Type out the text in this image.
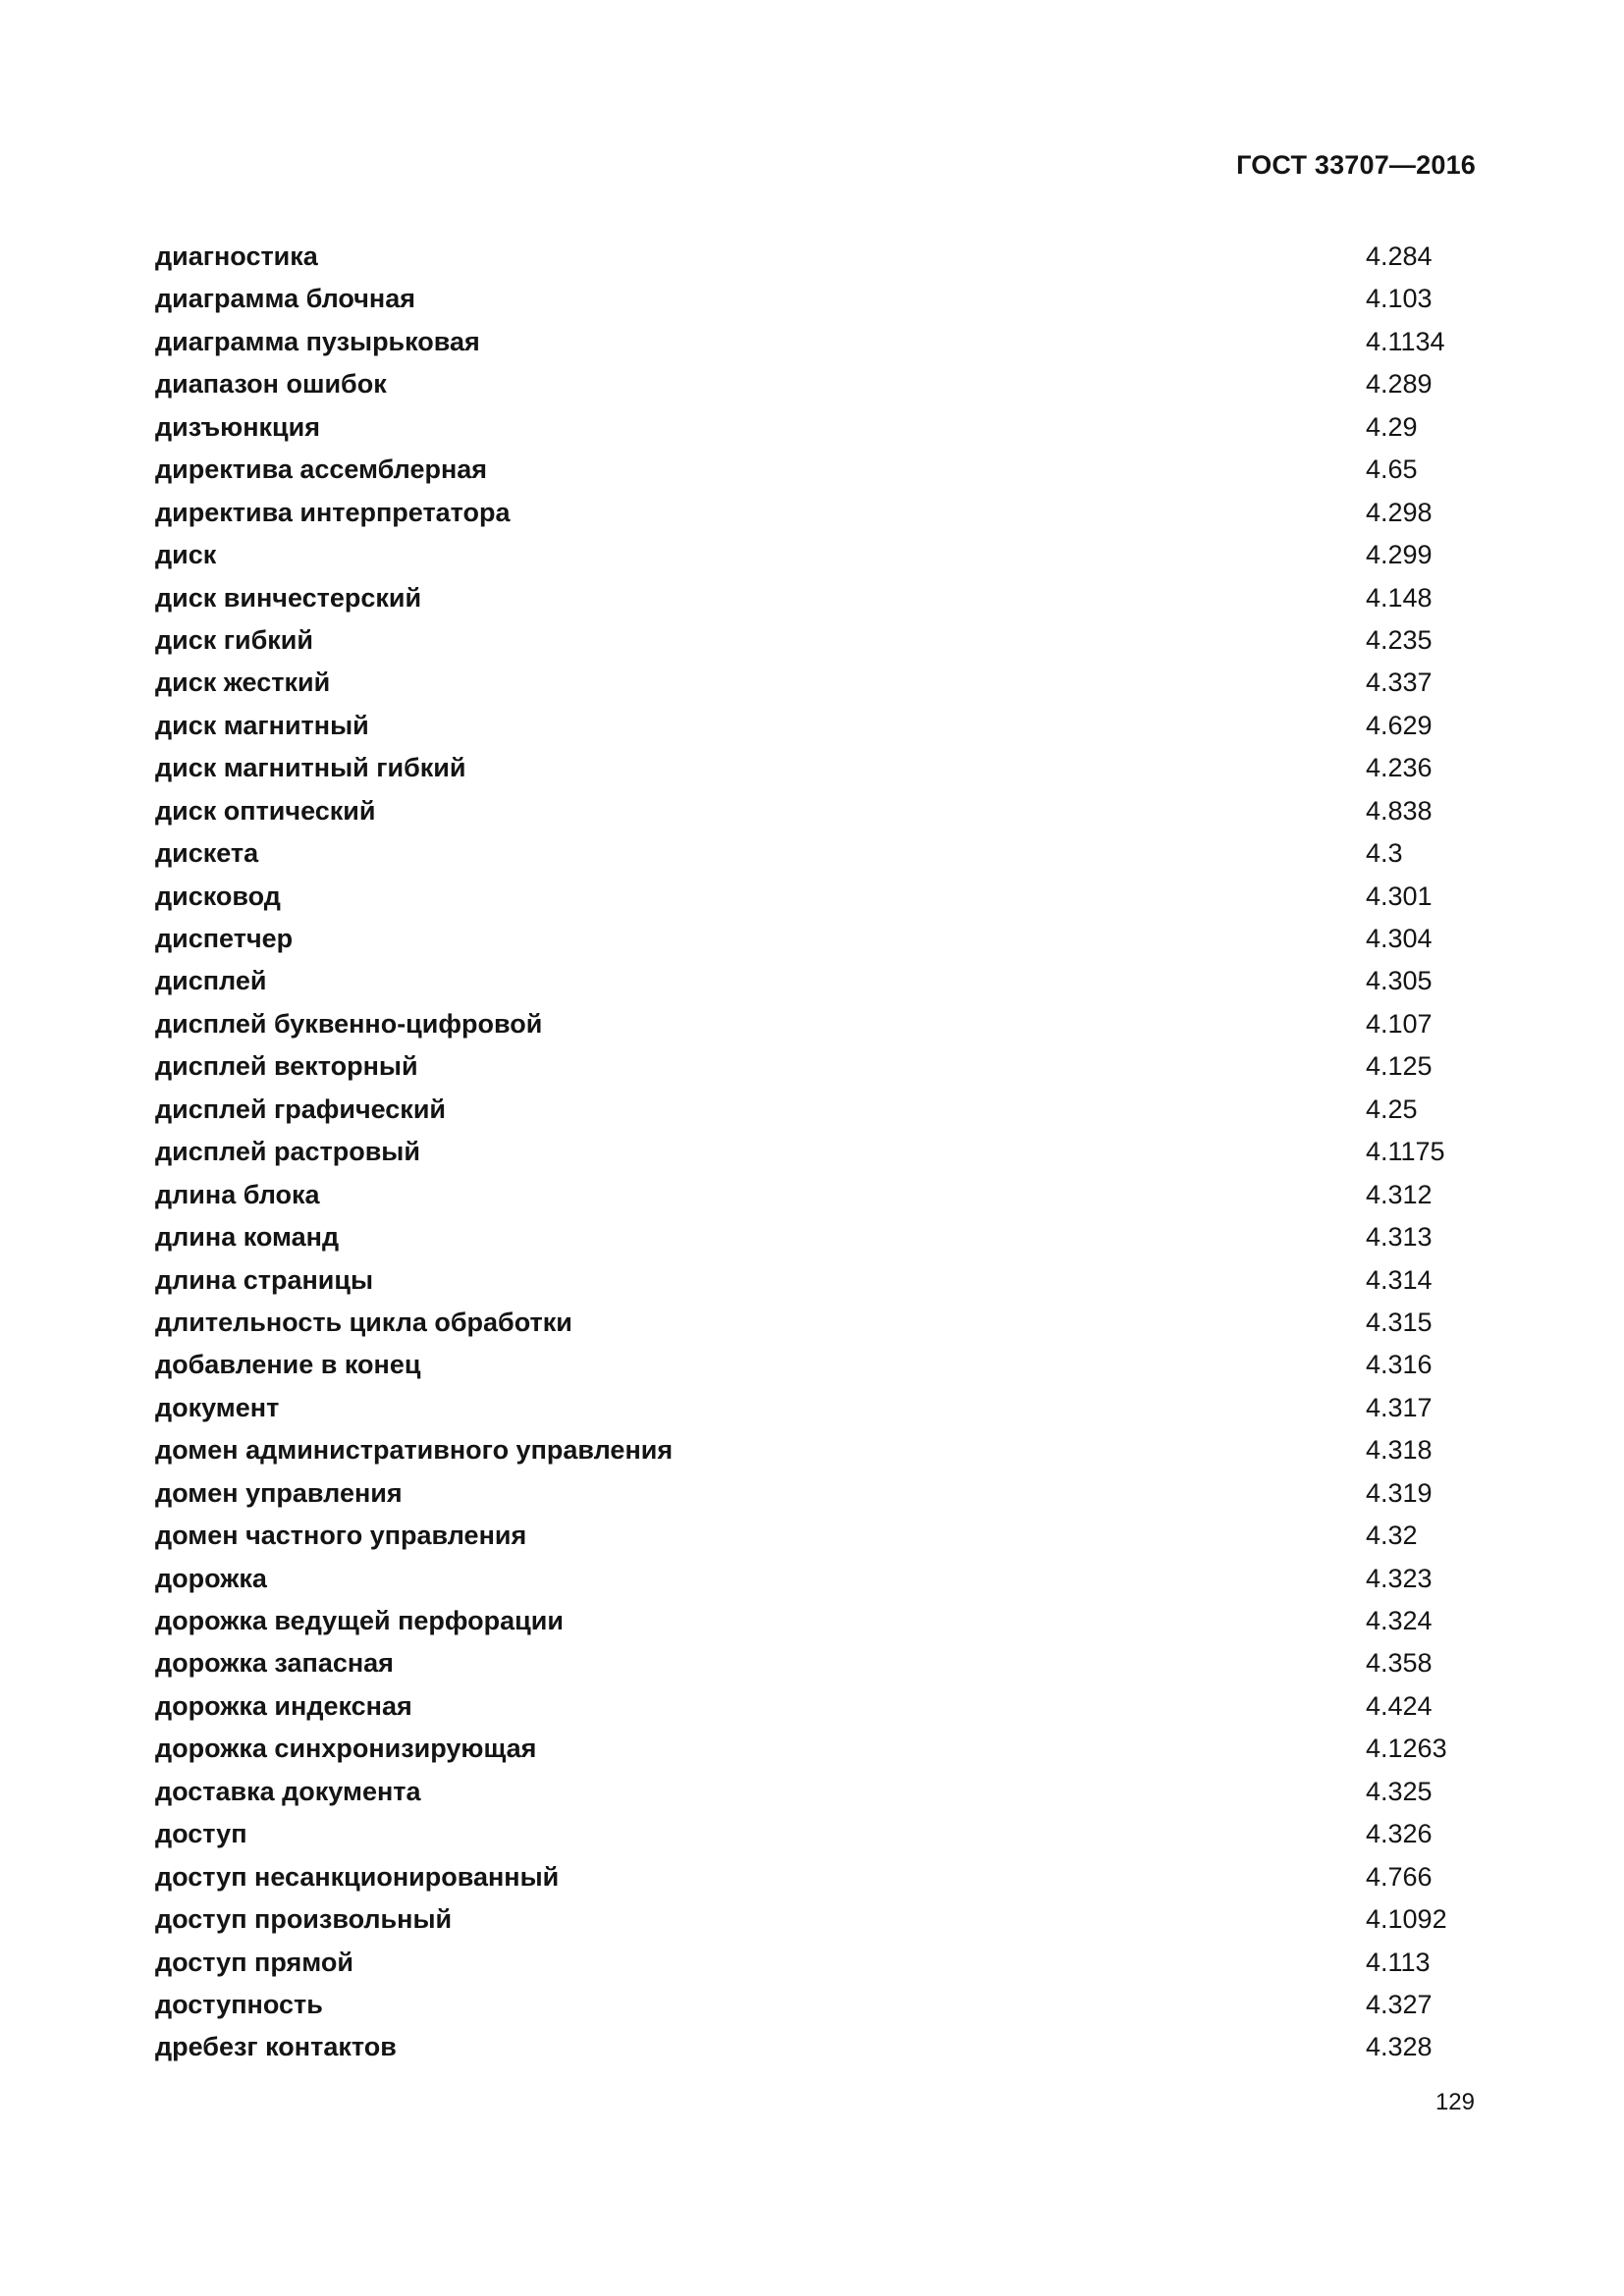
ГОСТ 33707—2016
диагностика	4.284
диаграмма блочная	4.103
диаграмма пузырьковая	4.1134
диапазон ошибок	4.289
дизъюнкция	4.29
директива ассемблерная	4.65
директива интерпретатора	4.298
диск	4.299
диск винчестерский	4.148
диск гибкий	4.235
диск жесткий	4.337
диск магнитный	4.629
диск магнитный гибкий	4.236
диск оптический	4.838
дискета	4.3
дисковод	4.301
диспетчер	4.304
дисплей	4.305
дисплей буквенно-цифровой	4.107
дисплей векторный	4.125
дисплей графический	4.25
дисплей растровый	4.1175
длина блока	4.312
длина команд	4.313
длина страницы	4.314
длительность цикла обработки	4.315
добавление в конец	4.316
документ	4.317
домен административного управления	4.318
домен управления	4.319
домен частного управления	4.32
дорожка	4.323
дорожка ведущей перфорации	4.324
дорожка запасная	4.358
дорожка индексная	4.424
дорожка синхронизирующая	4.1263
доставка документа	4.325
доступ	4.326
доступ несанкционированный	4.766
доступ произвольный	4.1092
доступ прямой	4.113
доступность	4.327
дребезг контактов	4.328
129
